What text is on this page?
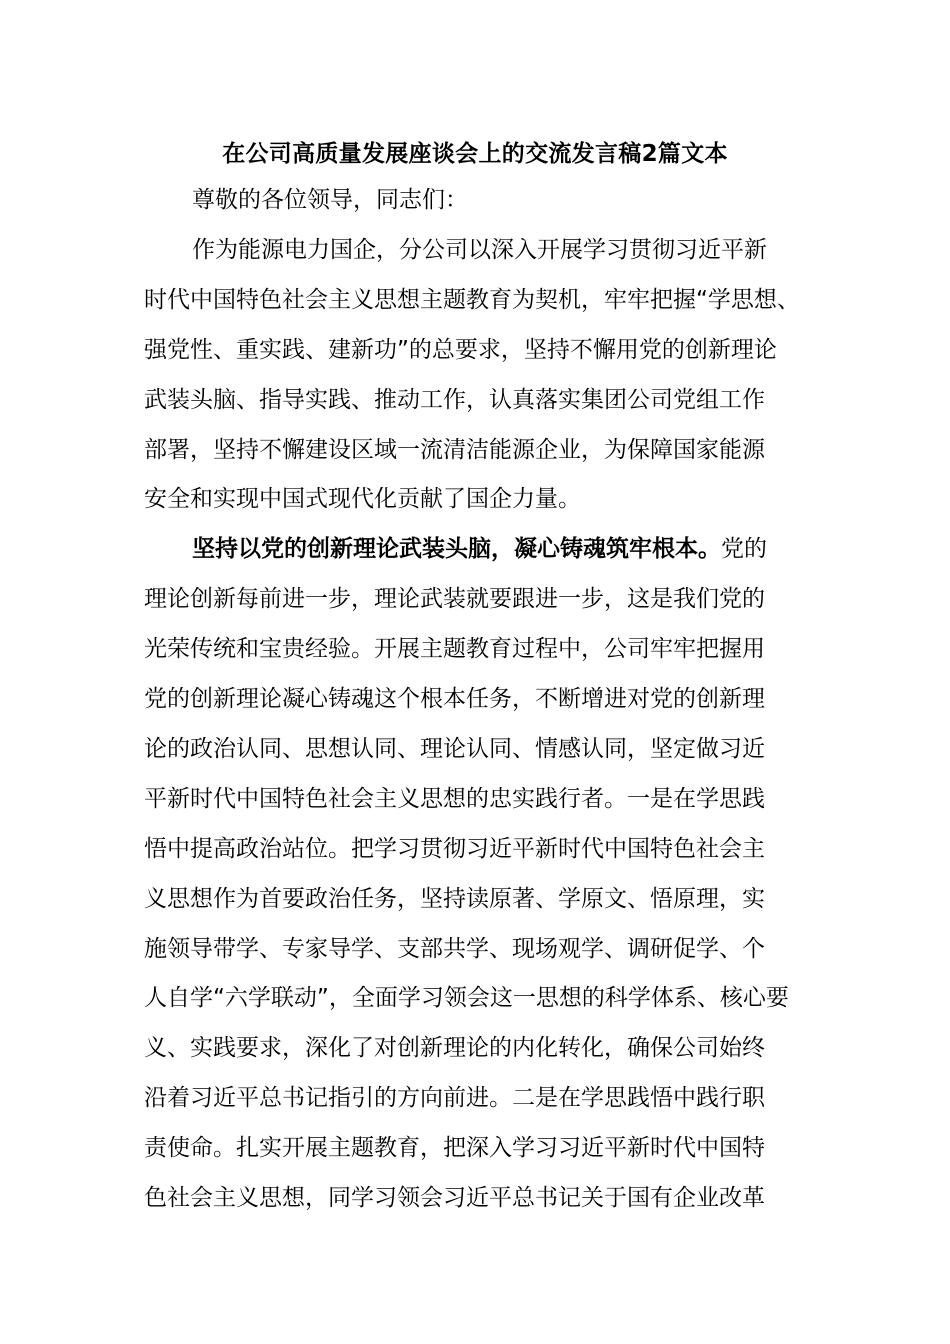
在公司高质量发展座谈会上的交流发言稿2篇文本

尊敬的各位领导，同志们：

作为能源电力国企，分公司以深入开展学习贯彻习近平新

时代中国特色社会主义思想主题教育为契机，牢牢把握“学思想、

强党性、重实践、建新功”的总要求，坚持不懈用党的创新理论

武装头脑、指导实践、推动工作，认真落实集团公司党组工作

部署，坚持不懈建设区域一流清洁能源企业，为保障国家能源

安全和实现中国式现代化贡献了国企力量。

坚持以党的创新理论武装头脑，凝心铸魂筑牢根本。党的

理论创新每前进一步，理论武装就要跟进一步，这是我们党的

光荣传统和宝贵经验。开展主题教育过程中，公司牢牢把握用

党的创新理论凝心铸魂这个根本任务，不断增进对党的创新理

论的政治认同、思想认同、理论认同、情感认同，坚定做习近

平新时代中国特色社会主义思想的忠实践行者。一是在学思践

悟中提高政治站位。把学习贯彻习近平新时代中国特色社会主

义思想作为首要政治任务，坚持读原著、学原文、悟原理，实

施领导带学、专家导学、支部共学、现场观学、调研促学、个

人自学“六学联动”，全面学习领会这一思想的科学体系、核心要

义、实践要求，深化了对创新理论的内化转化，确保公司始终

沿着习近平总书记指引的方向前进。二是在学思践悟中践行职

责使命。扎实开展主题教育，把深入学习习近平新时代中国特

色社会主义思想，同学习领会习近平总书记关于国有企业改革
